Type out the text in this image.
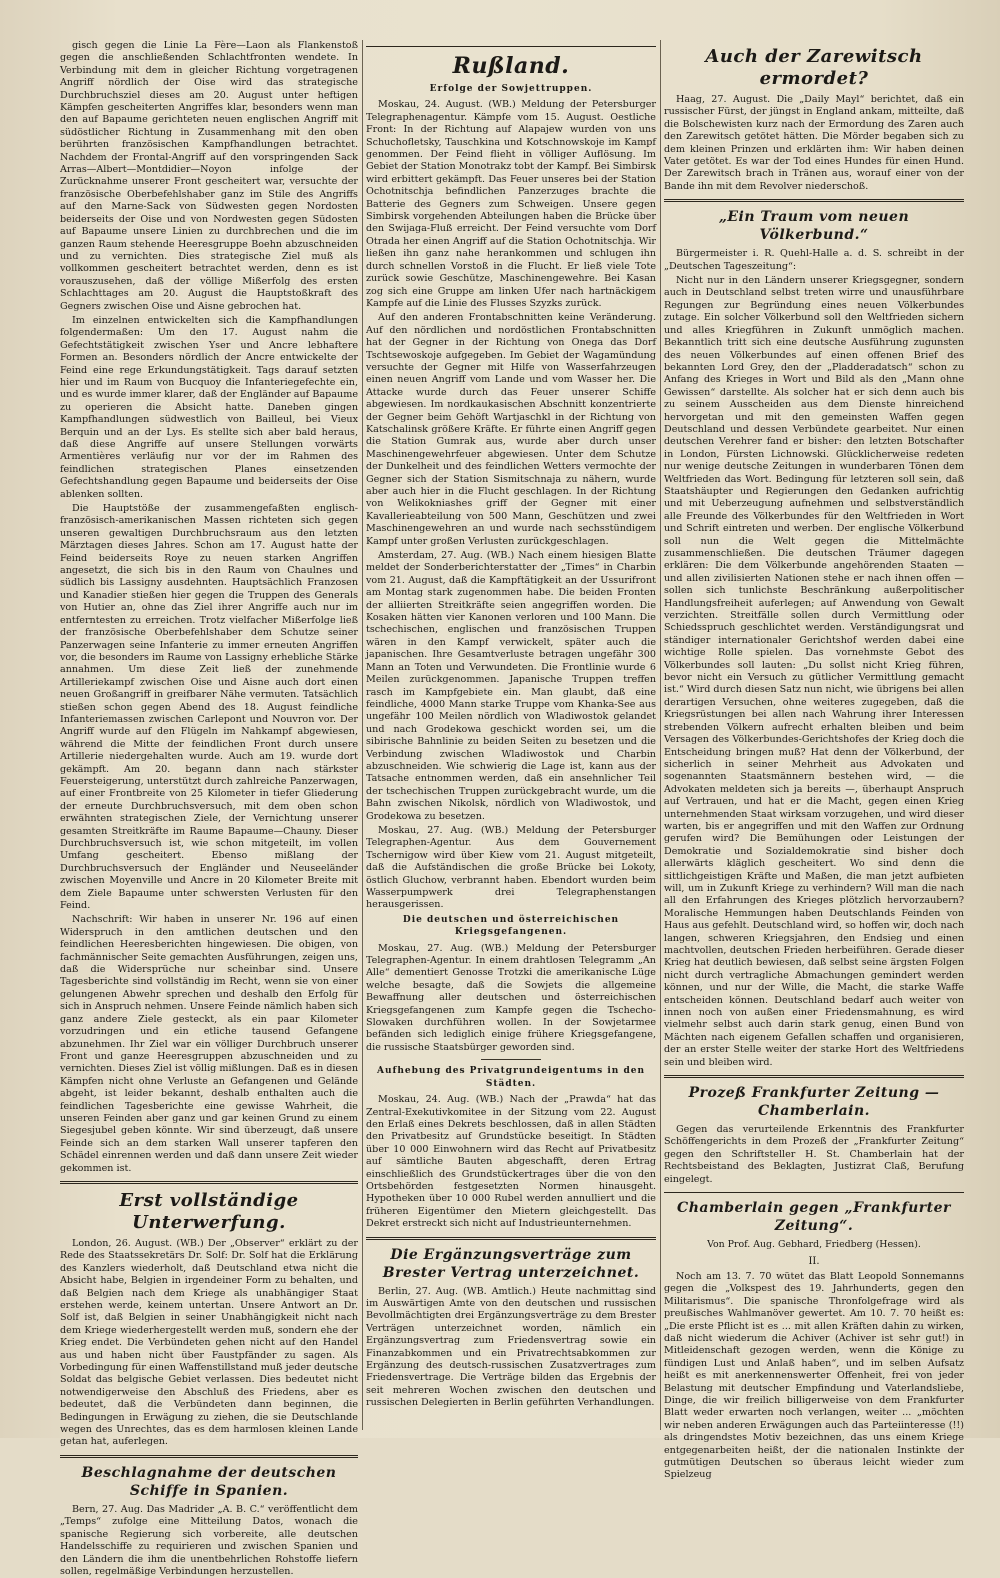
gisch gegen die Linie La Fère—Laon als Flankenstoß gegen die anschließenden Schlachtfronten wendete. In Verbindung mit dem in gleicher Richtung vorgetragenen Angriff nördlich der Oise wird das strategische Durchbruchsziel dieses am 20. August unter heftigen Kämpfen gescheiterten Angriffes klar, besonders wenn man den auf Bapaume gerichteten neuen englischen Angriff mit südöstlicher Richtung in Zusammenhang mit den oben berührten französischen Kampfhandlungen betrachtet. Nachdem der Frontal-Angriff auf den vorspringenden Sack Arras—Albert—Montdidier—Noyon infolge der Zurücknahme unserer Front gescheitert war, versuchte der französische Oberbefehlshaber ganz im Stile des Angriffs auf den Marne-Sack von Südwesten gegen Nordosten beiderseits der Oise und von Nordwesten gegen Südosten auf Bapaume unsere Linien zu durchbrechen und die im ganzen Raum stehende Heeresgruppe Boehn abzuschneiden und zu vernichten. Dies strategische Ziel muß als vollkommen gescheitert betrachtet werden, denn es ist vorauszusehen, daß der völlige Mißerfolg des ersten Schlachttages am 20. August die Hauptstoßkraft des Gegners zwischen Oise und Aisne gebrochen hat.

Im einzelnen entwickelten sich die Kampfhandlungen folgendermaßen: Um den 17. August nahm die Gefechtstätigkeit zwischen Yser und Ancre lebhaftere Formen an. Besonders nördlich der Ancre entwickelte der Feind eine rege Erkundungstätigkeit. Tags darauf setzten hier und im Raum von Bucquoy die Infanteriegefechte ein, und es wurde immer klarer, daß der Engländer auf Bapaume zu operieren die Absicht hatte. Daneben gingen Kampfhandlungen südwestlich von Bailleul, bei Vieux Berquin und an der Lys. Es stellte sich aber bald heraus, daß diese Angriffe auf unsere Stellungen vorwärts Armentières verläufig nur vor der im Rahmen des feindlichen strategischen Planes einsetzenden Gefechtshandlung gegen Bapaume und beiderseits der Oise ablenken sollten.

Die Hauptstöße der zusammengefaßten englisch-französisch-amerikanischen Massen richteten sich gegen unseren gewaltigen Durchbruchsraum aus den letzten Märztagen dieses Jahres. Schon am 17. August hatte der Feind beiderseits Roye zu neuen starken Angriffen angesetzt, die sich bis in den Raum von Chaulnes und südlich bis Lassigny ausdehnten. Hauptsächlich Franzosen und Kanadier stießen hier gegen die Truppen des Generals von Hutier an, ohne das Ziel ihrer Angriffe auch nur im entferntesten zu erreichen. Trotz vielfacher Mißerfolge ließ der französische Oberbefehlshaber dem Schutze seiner Panzerwagen seine Infanterie zu immer erneuten Angriffen vor, die besonders im Raume von Lassigny erhebliche Stärke annahmen. Um diese Zeit ließ der zunehmende Artilleriekampf zwischen Oise und Aisne auch dort einen neuen Großangriff in greifbarer Nähe vermuten. Tatsächlich stießen schon gegen Abend des 18. August feindliche Infanteriemassen zwischen Carlepont und Nouvron vor. Der Angriff wurde auf den Flügeln im Nahkampf abgewiesen, während die Mitte der feindlichen Front durch unsere Artillerie niedergehalten wurde. Auch am 19. wurde dort gekämpft. Am 20. begann dann nach stärkster Feuersteigerung, unterstützt durch zahlreiche Panzerwagen, auf einer Frontbreite von 25 Kilometer in tiefer Gliederung der erneute Durchbruchsversuch, mit dem oben schon erwähnten strategischen Ziele, der Vernichtung unserer gesamten Streitkräfte im Raume Bapaume—Chauny. Dieser Durchbruchsversuch ist, wie schon mitgeteilt, im vollen Umfang gescheitert. Ebenso mißlang der Durchbruchsversuch der Engländer und Neuseeländer zwischen Moyenville und Ancre in 20 Kilometer Breite mit dem Ziele Bapaume unter schwersten Verlusten für den Feind.

Nachschrift: Wir haben in unserer Nr. 196 auf einen Widerspruch in den amtlichen deutschen und den feindlichen Heeresberichten hingewiesen. Die obigen, von fachmännischer Seite gemachten Ausführungen, zeigen uns, daß die Widersprüche nur scheinbar sind. Unsere Tagesberichte sind vollständig im Recht, wenn sie von einer gelungenen Abwehr sprechen und deshalb den Erfolg für sich in Anspruch nehmen. Unsere Feinde nämlich haben sich ganz andere Ziele gesteckt, als ein paar Kilometer vorzudringen und ein etliche tausend Gefangene abzunehmen. Ihr Ziel war ein völliger Durchbruch unserer Front und ganze Heeresgruppen abzuschneiden und zu vernichten. Dieses Ziel ist völlig mißlungen. Daß es in diesen Kämpfen nicht ohne Verluste an Gefangenen und Gelände abgeht, ist leider bekannt, deshalb enthalten auch die feindlichen Tagesberichte eine gewisse Wahrheit, die unseren Feinden aber ganz und gar keinen Grund zu einem Siegesjubel geben könnte. Wir sind überzeugt, daß unsere Feinde sich an dem starken Wall unserer tapferen den Schädel einrennen werden und daß dann unsere Zeit wieder gekommen ist.

Erst vollständige Unterwerfung.

London, 26. August. (WB.) Der „Observer“ erklärt zu der Rede des Staatssekretärs Dr. Solf: Dr. Solf hat die Erklärung des Kanzlers wiederholt, daß Deutschland etwa nicht die Absicht habe, Belgien in irgendeiner Form zu behalten, und daß Belgien nach dem Kriege als unabhängiger Staat erstehen werde, keinem untertan. Unsere Antwort an Dr. Solf ist, daß Belgien in seiner Unabhängigkeit nicht nach dem Kriege wiederhergestellt werden muß, sondern ehe der Krieg endet. Die Verbündeten gehen nicht auf den Handel aus und haben nicht über Faustpfänder zu sagen. Als Vorbedingung für einen Waffenstillstand muß jeder deutsche Soldat das belgische Gebiet verlassen. Dies bedeutet nicht notwendigerweise den Abschluß des Friedens, aber es bedeutet, daß die Verbündeten dann beginnen, die Bedingungen in Erwägung zu ziehen, die sie Deutschlande wegen des Unrechtes, das es dem harmlosen kleinen Lande getan hat, auferlegen.

Beschlagnahme der deutschen Schiffe in Spanien.

Bern, 27. Aug. Das Madrider „A. B. C.“ veröffentlicht dem „Temps“ zufolge eine Mitteilung Datos, wonach die spanische Regierung sich vorbereite, alle deutschen Handelsschiffe zu requirieren und zwischen Spanien und den Ländern die ihm die unentbehrlichen Rohstoffe liefern sollen, regelmäßige Verbindungen herzustellen.

Rußland.
Erfolge der Sowjettruppen.

Moskau, 24. August. (WB.) Meldung der Petersburger Telegraphenagentur. Kämpfe vom 15. August. Oestliche Front: In der Richtung auf Alapajew wurden von uns Schuchofletsky, Tauschkina und Kotschnowskoje im Kampf genommen. Der Feind flieht in völliger Auflösung. Im Gebiet der Station Monotrakz tobt der Kampf. Bei Simbirsk wird erbittert gekämpft. Das Feuer unseres bei der Station Ochotnitschja befindlichen Panzerzuges brachte die Batterie des Gegners zum Schweigen. Unsere gegen Simbirsk vorgehenden Abteilungen haben die Brücke über den Swijaga-Fluß erreicht. Der Feind versuchte vom Dorf Otrada her einen Angriff auf die Station Ochotnitschja. Wir ließen ihn ganz nahe herankommen und schlugen ihn durch schnellen Vorstoß in die Flucht. Er ließ viele Tote zurück sowie Geschütze, Maschinengewehre. Bei Kasan zog sich eine Gruppe am linken Ufer nach hartnäckigem Kampfe auf die Linie des Flusses Szyzks zurück.

Auf den anderen Frontabschnitten keine Veränderung. Auf den nördlichen und nordöstlichen Frontabschnitten hat der Gegner in der Richtung von Onega das Dorf Tschtsewoskoje aufgegeben. Im Gebiet der Wagamündung versuchte der Gegner mit Hilfe von Wasserfahrzeugen einen neuen Angriff vom Lande und vom Wasser her. Die Attacke wurde durch das Feuer unserer Schiffe abgewiesen. Im nordkaukasischen Abschnitt konzentrierte der Gegner beim Gehöft Wartjaschkl in der Richtung von Katschalinsk größere Kräfte. Er führte einen Angriff gegen die Station Gumrak aus, wurde aber durch unser Maschinengewehrfeuer abgewiesen. Unter dem Schutze der Dunkelheit und des feindlichen Wetters vermochte der Gegner sich der Station Sismitschnaja zu nähern, wurde aber auch hier in die Flucht geschlagen. In der Richtung von Welikokniashes griff der Gegner mit einer Kavallerieabteilung von 500 Mann, Geschützen und zwei Maschinengewehren an und wurde nach sechsstündigem Kampf unter großen Verlusten zurückgeschlagen.

Amsterdam, 27. Aug. (WB.) Nach einem hiesigen Blatte meldet der Sonderberichterstatter der „Times“ in Charbin vom 21. August, daß die Kampftätigkeit an der Ussurifront am Montag stark zugenommen habe. Die beiden Fronten der alliierten Streitkräfte seien angegriffen worden. Die Kosaken hätten vier Kanonen verloren und 100 Mann. Die tschechischen, englischen und französischen Truppen wären in den Kampf verwickelt, später auch die japanischen. Ihre Gesamtverluste betragen ungefähr 300 Mann an Toten und Verwundeten. Die Frontlinie wurde 6 Meilen zurückgenommen. Japanische Truppen treffen rasch im Kampfgebiete ein. Man glaubt, daß eine feindliche, 4000 Mann starke Truppe vom Khanka-See aus ungefähr 100 Meilen nördlich von Wladiwostok gelandet und nach Grodekowa geschickt worden sei, um die sibirische Bahnlinie zu beiden Seiten zu besetzen und die Verbindung zwischen Wladiwostok und Charbin abzuschneiden. Wie schwierig die Lage ist, kann aus der Tatsache entnommen werden, daß ein ansehnlicher Teil der tschechischen Truppen zurückgebracht wurde, um die Bahn zwischen Nikolsk, nördlich von Wladiwostok, und Grodekowa zu besetzen.

Moskau, 27. Aug. (WB.) Meldung der Petersburger Telegraphen-Agentur. Aus dem Gouvernement Tschernigow wird über Kiew vom 21. August mitgeteilt, daß die Aufständischen die große Brücke bei Lokoty, östlich Gluchow, verbrannt haben. Ebendort wurden beim Wasserpumpwerk drei Telegraphenstangen herausgerissen.

Die deutschen und österreichischen Kriegsgefangenen.

Moskau, 27. Aug. (WB.) Meldung der Petersburger Telegraphen-Agentur. In einem drahtlosen Telegramm „An Alle“ dementiert Genosse Trotzki die amerikanische Lüge welche besagte, daß die Sowjets die allgemeine Bewaffnung aller deutschen und österreichischen Kriegsgefangenen zum Kampfe gegen die Tschecho-Slowaken durchführen wollen. In der Sowjetarmee befänden sich lediglich einige frühere Kriegsgefangene, die russische Staatsbürger geworden sind.

Aufhebung des Privatgrundeigentums in den Städten.

Moskau, 24. Aug. (WB.) Nach der „Prawda“ hat das Zentral-Exekutivkomitee in der Sitzung vom 22. August den Erlaß eines Dekrets beschlossen, daß in allen Städten den Privatbesitz auf Grundstücke beseitigt. In Städten über 10 000 Einwohnern wird das Recht auf Privatbesitz auf sämtliche Bauten abgeschafft, deren Ertrag einschließlich des Grundstückertrages über die von den Ortsbehörden festgesetzten Normen hinausgeht. Hypotheken über 10 000 Rubel werden annulliert und die früheren Eigentümer den Mietern gleichgestellt. Das Dekret erstreckt sich nicht auf Industrieunternehmen.

Die Ergänzungsverträge zum Brester Vertrag unterzeichnet.

Berlin, 27. Aug. (WB. Amtlich.) Heute nachmittag sind im Auswärtigen Amte von den deutschen und russischen Bevollmächtigten drei Ergänzungsverträge zu dem Brester Verträgen unterzeichnet worden, nämlich ein Ergänzungsvertrag zum Friedensvertrag sowie ein Finanzabkommen und ein Privatrechtsabkommen zur Ergänzung des deutsch-russischen Zusatzvertrages zum Friedensvertrage. Die Verträge bilden das Ergebnis der seit mehreren Wochen zwischen den deutschen und russischen Delegierten in Berlin geführten Verhandlungen.

Auch der Zarewitsch ermordet?

Haag, 27. August. Die „Daily Mayl“ berichtet, daß ein russischer Fürst, der jüngst in England ankam, mitteilte, daß die Bolschewisten kurz nach der Ermordung des Zaren auch den Zarewitsch getötet hätten. Die Mörder begaben sich zu dem kleinen Prinzen und erklärten ihm: Wir haben deinen Vater getötet. Es war der Tod eines Hundes für einen Hund. Der Zarewitsch brach in Tränen aus, worauf einer von der Bande ihn mit dem Revolver niederschoß.

„Ein Traum vom neuen Völkerbund.“

Bürgermeister i. R. Quehl-Halle a. d. S. schreibt in der „Deutschen Tageszeitung“:

Nicht nur in den Ländern unserer Kriegsgegner, sondern auch in Deutschland selbst treten wirre und unausführbare Regungen zur Begründung eines neuen Völkerbundes zutage. Ein solcher Völkerbund soll den Weltfrieden sichern und alles Kriegführen in Zukunft unmöglich machen. Bekanntlich tritt sich eine deutsche Ausführung zugunsten des neuen Völkerbundes auf einen offenen Brief des bekannten Lord Grey, den der „Pladderadatsch“ schon zu Anfang des Krieges in Wort und Bild als den „Mann ohne Gewissen“ darstellte. Als solcher hat er sich denn auch bis zu seinem Ausscheiden aus dem Dienste hinreichend hervorgetan und mit den gemeinsten Waffen gegen Deutschland und dessen Verbündete gearbeitet. Nur einen deutschen Verehrer fand er bisher: den letzten Botschafter in London, Fürsten Lichnowski. Glücklicherweise redeten nur wenige deutsche Zeitungen in wunderbaren Tönen dem Weltfrieden das Wort. Bedingung für letzteren soll sein, daß Staatshäupter und Regierungen den Gedanken aufrichtig und mit Ueberzeugung aufnehmen und selbstverständlich alle Freunde des Völkerbundes für den Weltfrieden in Wort und Schrift eintreten und werben. Der englische Völkerbund soll nun die Welt gegen die Mittelmächte zusammenschließen. Die deutschen Träumer dagegen erklären: Die dem Völkerbunde angehörenden Staaten — und allen zivilisierten Nationen stehe er nach ihnen offen — sollen sich tunlichste Beschränkung außerpolitischer Handlungsfreiheit auferlegen; auf Anwendung von Gewalt verzichten. Streitfälle sollen durch Vermittlung oder Schiedsspruch geschlichtet werden. Verständigungsrat und ständiger internationaler Gerichtshof werden dabei eine wichtige Rolle spielen. Das vornehmste Gebot des Völkerbundes soll lauten: „Du sollst nicht Krieg führen, bevor nicht ein Versuch zu gütlicher Vermittlung gemacht ist.“ Wird durch diesen Satz nun nicht, wie übrigens bei allen derartigen Versuchen, ohne weiteres zugegeben, daß die Kriegsrüstungen bei allen nach Wahrung ihrer Interessen strebenden Völkern aufrecht erhalten bleiben und beim Versagen des Völkerbundes-Gerichtshofes der Krieg doch die Entscheidung bringen muß? Hat denn der Völkerbund, der sicherlich in seiner Mehrheit aus Advokaten und sogenannten Staatsmännern bestehen wird, — die Advokaten meldeten sich ja bereits —, überhaupt Anspruch auf Vertrauen, und hat er die Macht, gegen einen Krieg unternehmenden Staat wirksam vorzugehen, und wird dieser warten, bis er angegriffen und mit den Waffen zur Ordnung gerufen wird? Die Bemühungen oder Leistungen der Demokratie und Sozialdemokratie sind bisher doch allerwärts kläglich gescheitert. Wo sind denn die sittlichgeistigen Kräfte und Maßen, die man jetzt aufbieten will, um in Zukunft Kriege zu verhindern? Will man die nach all den Erfahrungen des Krieges plötzlich hervorzaubern? Moralische Hemmungen haben Deutschlands Feinden von Haus aus gefehlt. Deutschland wird, so hoffen wir, doch nach langen, schweren Kriegsjahren, den Endsieg und einen machtvollen, deutschen Frieden herbeiführen. Gerade dieser Krieg hat deutlich bewiesen, daß selbst seine ärgsten Folgen nicht durch vertragliche Abmachungen gemindert werden können, und nur der Wille, die Macht, die starke Waffe entscheiden können. Deutschland bedarf auch weiter von innen noch von außen einer Friedensmahnung, es wird vielmehr selbst auch darin stark genug, einen Bund von Mächten nach eigenem Gefallen schaffen und organisieren, der an erster Stelle weiter der starke Hort des Weltfriedens sein und bleiben wird.

Prozeß Frankfurter Zeitung — Chamberlain.

Gegen das verurteilende Erkenntnis des Frankfurter Schöffengerichts in dem Prozeß der „Frankfurter Zeitung“ gegen den Schriftsteller H. St. Chamberlain hat der Rechtsbeistand des Beklagten, Justizrat Claß, Berufung eingelegt.

Chamberlain gegen „Frankfurter Zeitung“.
Von Prof. Aug. Gebhard, Friedberg (Hessen).
II.

Noch am 13. 7. 70 wütet das Blatt Leopold Sonnemanns gegen die „Volkspest des 19. Jahrhunderts, gegen den Militarismus“. Die spanische Thronfolgefrage wird als preußisches Wahlmanöver gewertet. Am 10. 7. 70 heißt es: „Die erste Pflicht ist es ... mit allen Kräften dahin zu wirken, daß nicht wiederum die Achiver (Achiver ist sehr gut!) in Mitleidenschaft gezogen werden, wenn die Könige zu fündigen Lust und Anlaß haben“, und im selben Aufsatz heißt es mit anerkennenswerter Offenheit, frei von jeder Belastung mit deutscher Empfindung und Vaterlandsliebe, Dinge, die wir freilich billigerweise von dem Frankfurter Blatt weder erwarten noch verlangen, weiter ... „möchten wir neben anderen Erwägungen auch das Parteiinteresse (!!) als dringendstes Motiv bezeichnen, das uns einem Kriege entgegenarbeiten heißt, der die nationalen Instinkte der gutmütigen Deutschen so überaus leicht wieder zum Spielzeug
